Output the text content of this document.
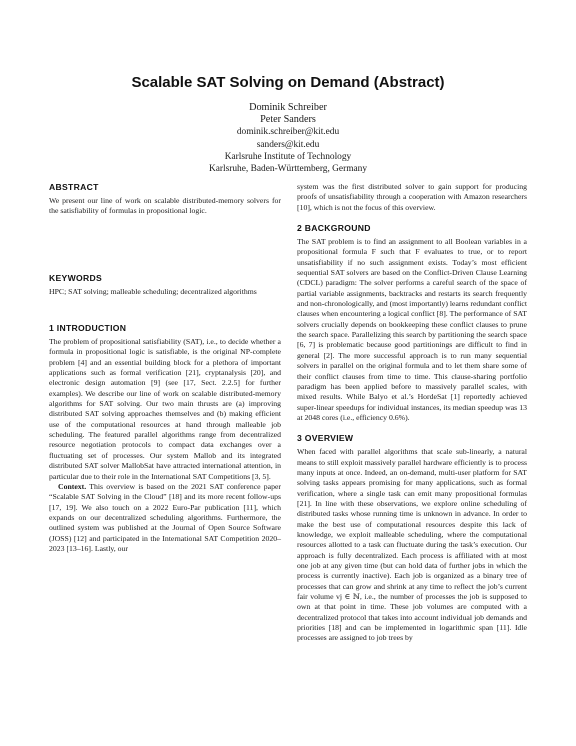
Scalable SAT Solving on Demand (Abstract)
Dominik Schreiber
Peter Sanders
dominik.schreiber@kit.edu
sanders@kit.edu
Karlsruhe Institute of Technology
Karlsruhe, Baden-Württemberg, Germany
ABSTRACT

We present our line of work on scalable distributed-memory solvers for the satisfiability of formulas in propositional logic.

KEYWORDS

HPC; SAT solving; malleable scheduling; decentralized algorithms

1 INTRODUCTION

The problem of propositional satisfiability (SAT), i.e., to decide whether a formula in propositional logic is satisfiable, is the original NP-complete problem [4] and an essential building block for a plethora of important applications such as formal verification [21], cryptanalysis [20], and electronic design automation [9] (see [17, Sect. 2.2.5] for further examples). We describe our line of work on scalable distributed-memory algorithms for SAT solving. Our two main thrusts are (a) improving distributed SAT solving approaches themselves and (b) making efficient use of the computational resources at hand through malleable job scheduling. The featured parallel algorithms range from decentralized resource negotiation protocols to compact data exchanges over a fluctuating set of processes. Our system Mallob and its integrated distributed SAT solver MallobSat have attracted international attention, in particular due to their role in the International SAT Competitions [3, 5].

Context. This overview is based on the 2021 SAT conference paper “Scalable SAT Solving in the Cloud” [18] and its more recent follow-ups [17, 19]. We also touch on a 2022 Euro-Par publication [11], which expands on our decentralized scheduling algorithms. Furthermore, the outlined system was published at the Journal of Open Source Software (JOSS) [12] and participated in the International SAT Competition 2020–2023 [13–16]. Lastly, our

system was the first distributed solver to gain support for producing proofs of unsatisfiability through a cooperation with Amazon researchers [10], which is not the focus of this overview.

2 BACKGROUND

The SAT problem is to find an assignment to all Boolean variables in a propositional formula F such that F evaluates to true, or to report unsatisfiability if no such assignment exists. Today’s most efficient sequential SAT solvers are based on the Conflict-Driven Clause Learning (CDCL) paradigm: The solver performs a careful search of the space of partial variable assignments, backtracks and restarts its search frequently and non-chronologically, and (most importantly) learns redundant conflict clauses when encountering a logical conflict [8]. The performance of SAT solvers crucially depends on bookkeeping these conflict clauses to prune the search space. Parallelizing this search by partitioning the search space [6, 7] is problematic because good partitionings are difficult to find in general [2]. The more successful approach is to run many sequential solvers in parallel on the original formula and to let them share some of their conflict clauses from time to time. This clause-sharing portfolio paradigm has been applied before to massively parallel scales, with mixed results. While Balyo et al.’s HordeSat [1] reportedly achieved super-linear speedups for individual instances, its median speedup was 13 at 2048 cores (i.e., efficiency 0.6%).

3 OVERVIEW

When faced with parallel algorithms that scale sub-linearly, a natural means to still exploit massively parallel hardware efficiently is to process many inputs at once. Indeed, an on-demand, multi-user platform for SAT solving tasks appears promising for many applications, such as formal verification, where a single task can emit many propositional formulas [21]. In line with these observations, we explore online scheduling of distributed tasks whose running time is unknown in advance. In order to make the best use of computational resources despite this lack of knowledge, we exploit malleable scheduling, where the computational resources allotted to a task can fluctuate during the task’s execution. Our approach is fully decentralized. Each process is affiliated with at most one job at any given time (but can hold data of further jobs in which the process is currently inactive). Each job is organized as a binary tree of processes that can grow and shrink at any time to reflect the job’s current fair volume vj ∈ ℕ, i.e., the number of processes the job is supposed to own at that point in time. These job volumes are computed with a decentralized protocol that takes into account individual job demands and priorities [18] and can be implemented in logarithmic span [11]. Idle processes are assigned to job trees by
